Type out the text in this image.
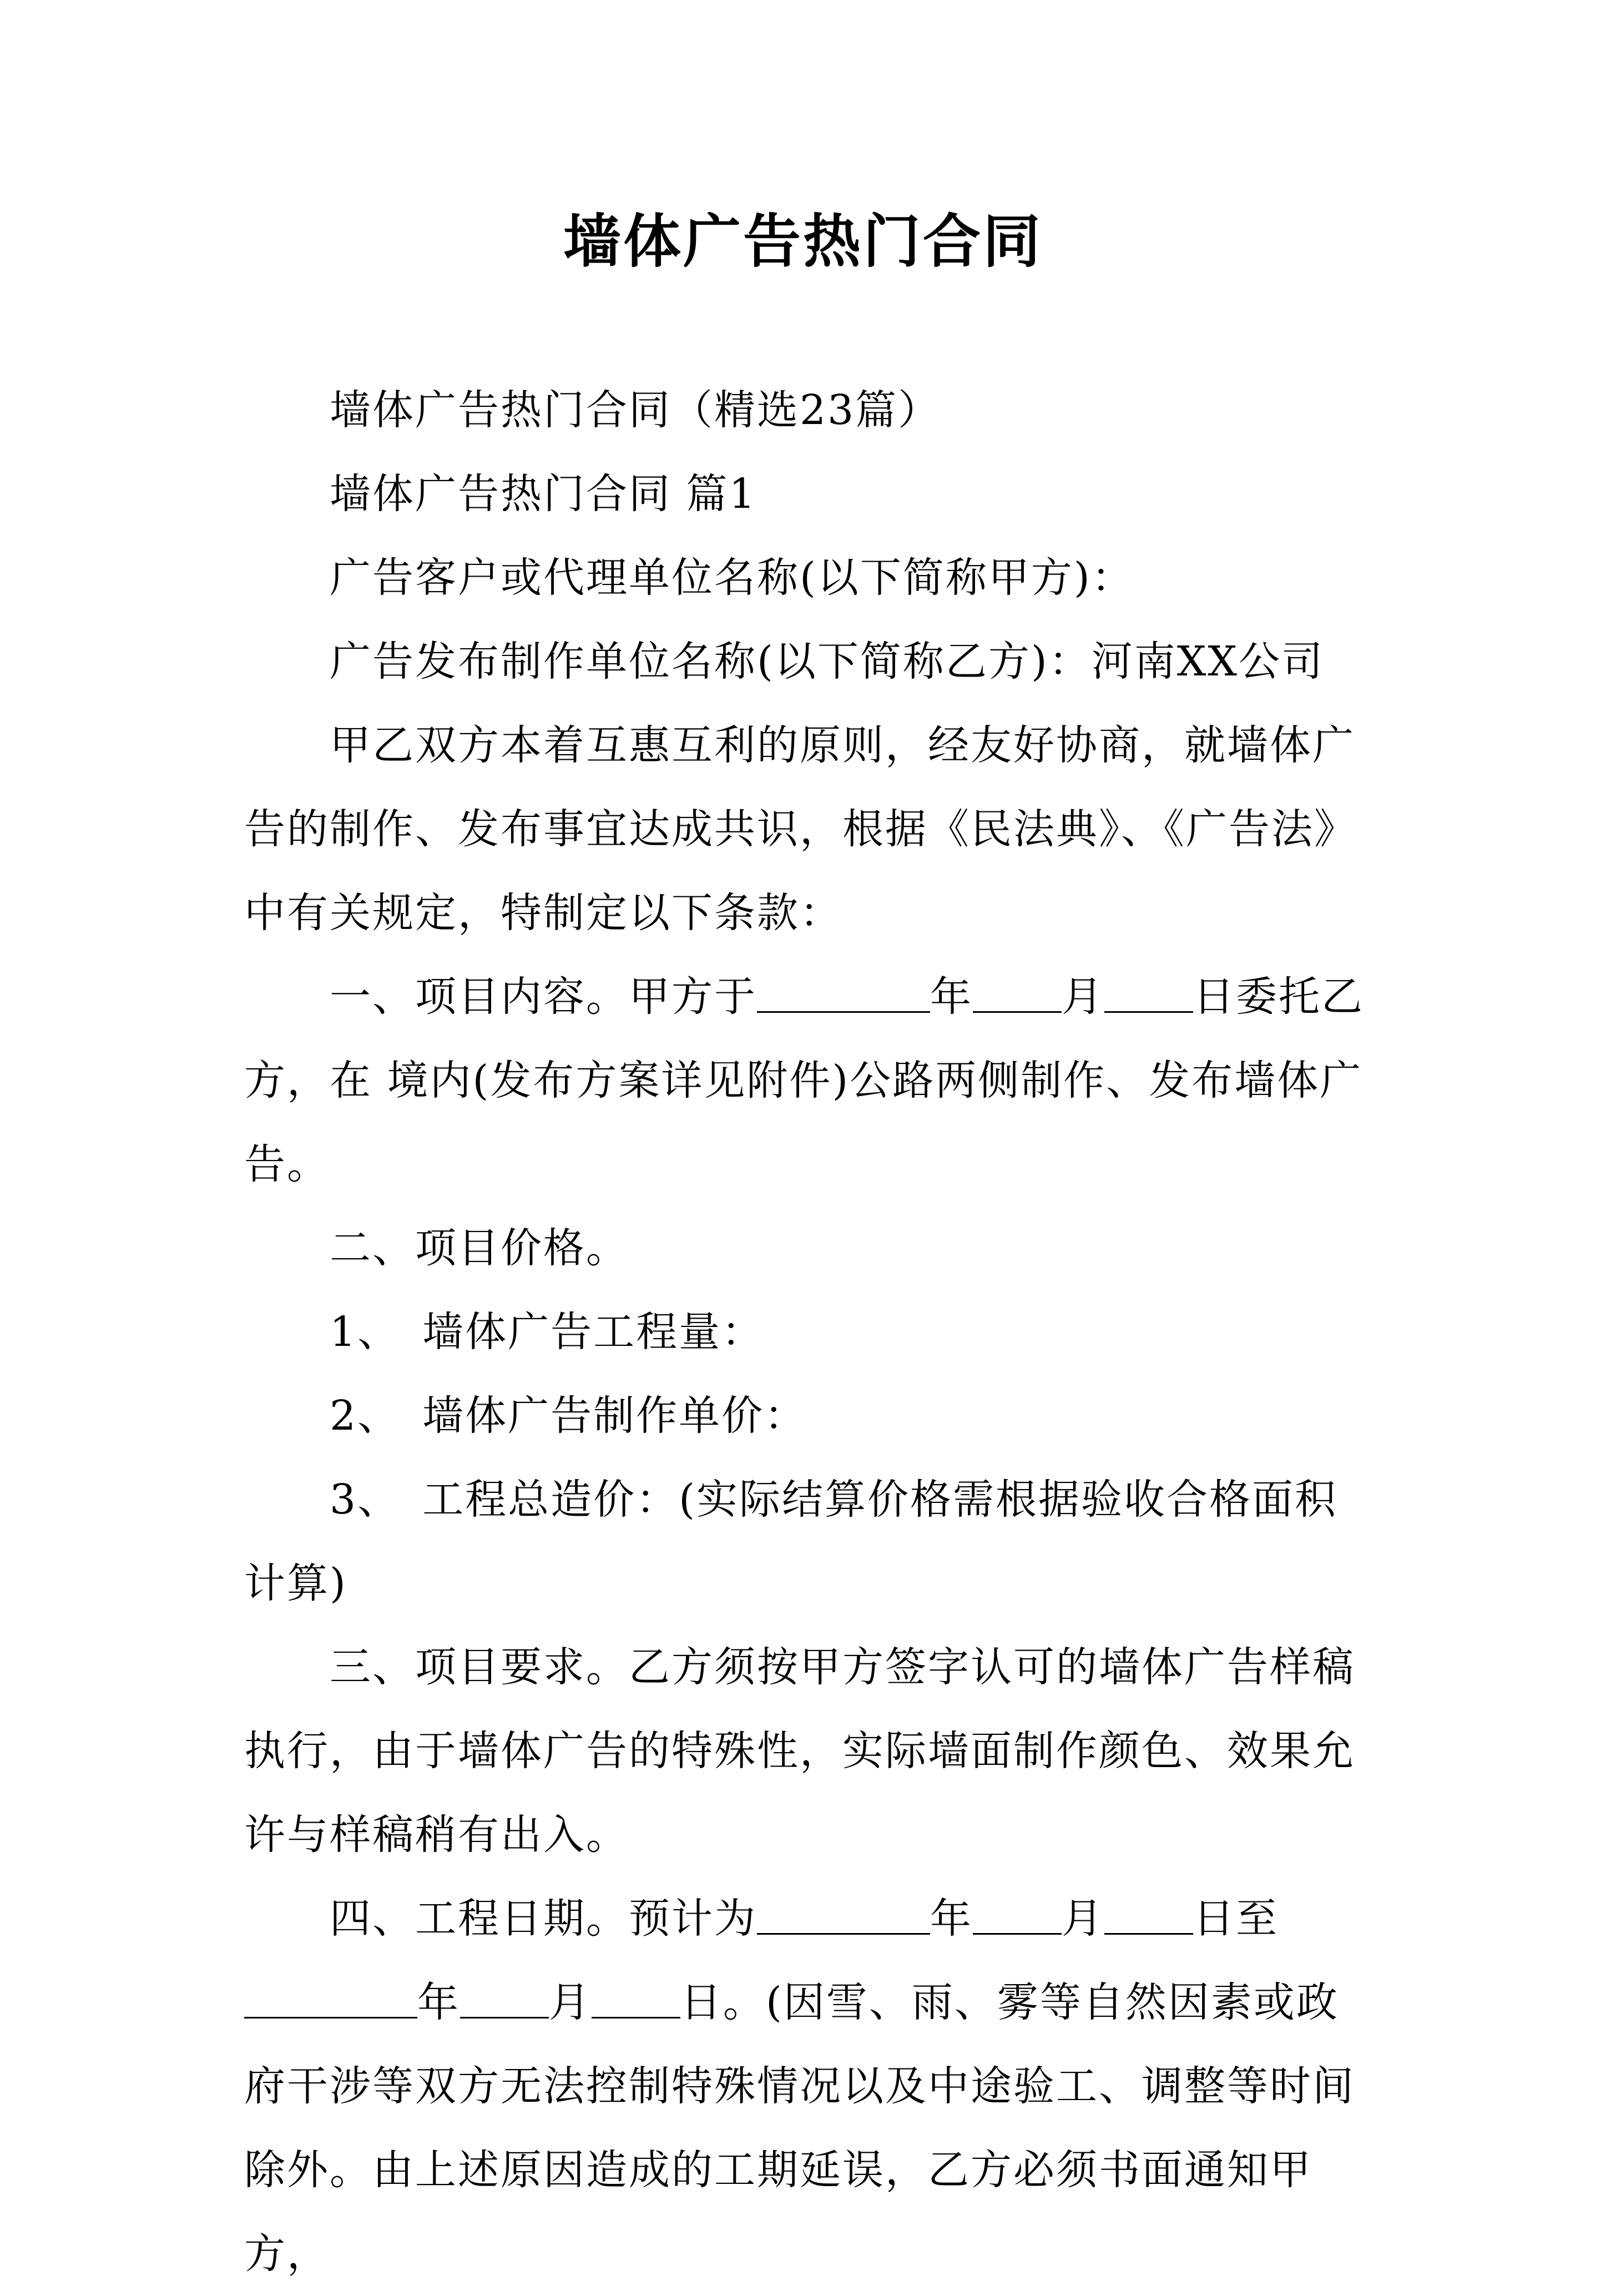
墙体广告热门合同

墙体广告热门合同（精选23篇）

墙体广告热门合同 篇1

广告客户或代理单位名称(以下简称甲方)：

广告发布制作单位名称(以下简称乙方)：河南XX公司

甲乙双方本着互惠互利的原则，经友好协商，就墙体广告的制作、发布事宜达成共识，根据《民法典》、《广告法》中有关规定，特制定以下条款：

一、项目内容。甲方于	年 月 日委托乙方，在 境内(发布方案详见附件)公路两侧制作、发布墙体广告。

二、项目价格。

1、　墙体广告工程量：

2、　墙体广告制作单价：

3、　工程总造价：(实际结算价格需根据验收合格面积计算)

三、项目要求。乙方须按甲方签字认可的墙体广告样稿执行，由于墙体广告的特殊性，实际墙面制作颜色、效果允许与样稿稍有出入。

四、工程日期。预计为	年 月 日至年 月 日。(因雪、雨、雾等自然因素或政府干涉等双方无法控制特殊情况以及中途验工、调整等时间除外。由上述原因造成的工期延误，乙方必须书面通知甲方，
